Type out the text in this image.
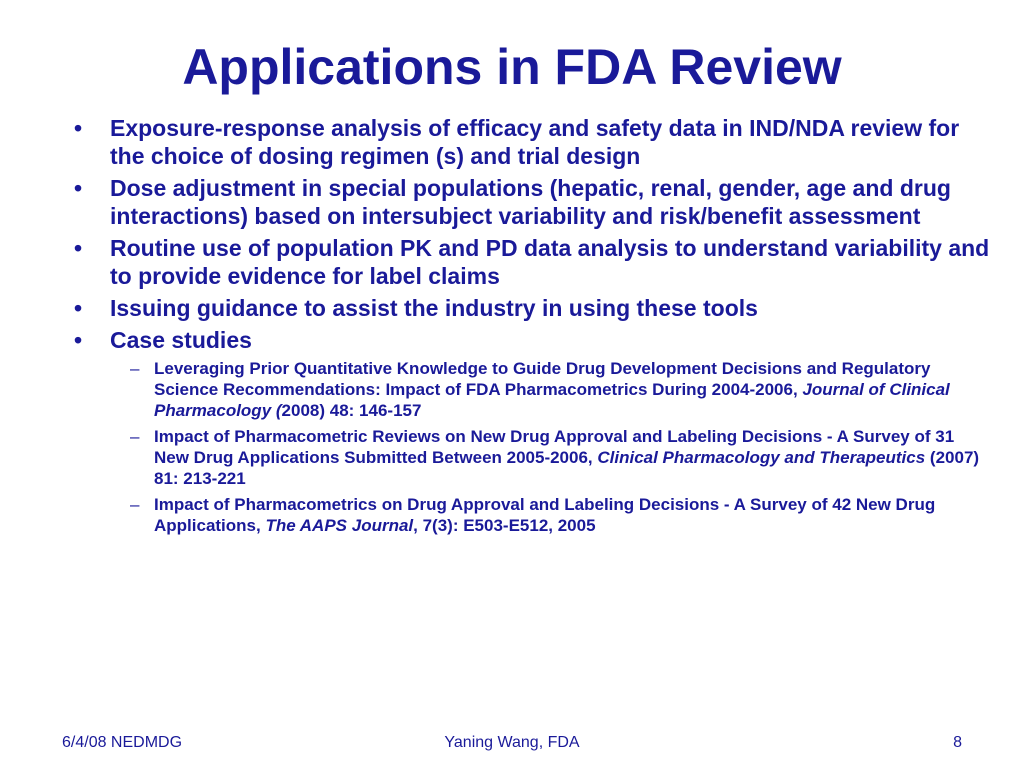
Applications in FDA Review
• Exposure-response analysis of efficacy and safety data in IND/NDA review for the choice of dosing regimen (s) and trial design
• Dose adjustment in special populations (hepatic, renal, gender, age and drug interactions) based on intersubject variability and risk/benefit assessment
• Routine use of population PK and PD data analysis to understand variability and to provide evidence for label claims
• Issuing guidance to assist the industry in using these tools
• Case studies
– Leveraging Prior Quantitative Knowledge to Guide Drug Development Decisions and Regulatory Science Recommendations: Impact of FDA Pharmacometrics During 2004-2006, Journal of Clinical Pharmacology (2008) 48: 146-157
– Impact of Pharmacometric Reviews on New Drug Approval and Labeling Decisions - A Survey of 31 New Drug Applications Submitted Between 2005-2006, Clinical Pharmacology and Therapeutics (2007) 81: 213-221
– Impact of Pharmacometrics on Drug Approval and Labeling Decisions - A Survey of 42 New Drug Applications, The AAPS Journal, 7(3): E503-E512, 2005
6/4/08 NEDMDG	Yaning Wang, FDA	8
